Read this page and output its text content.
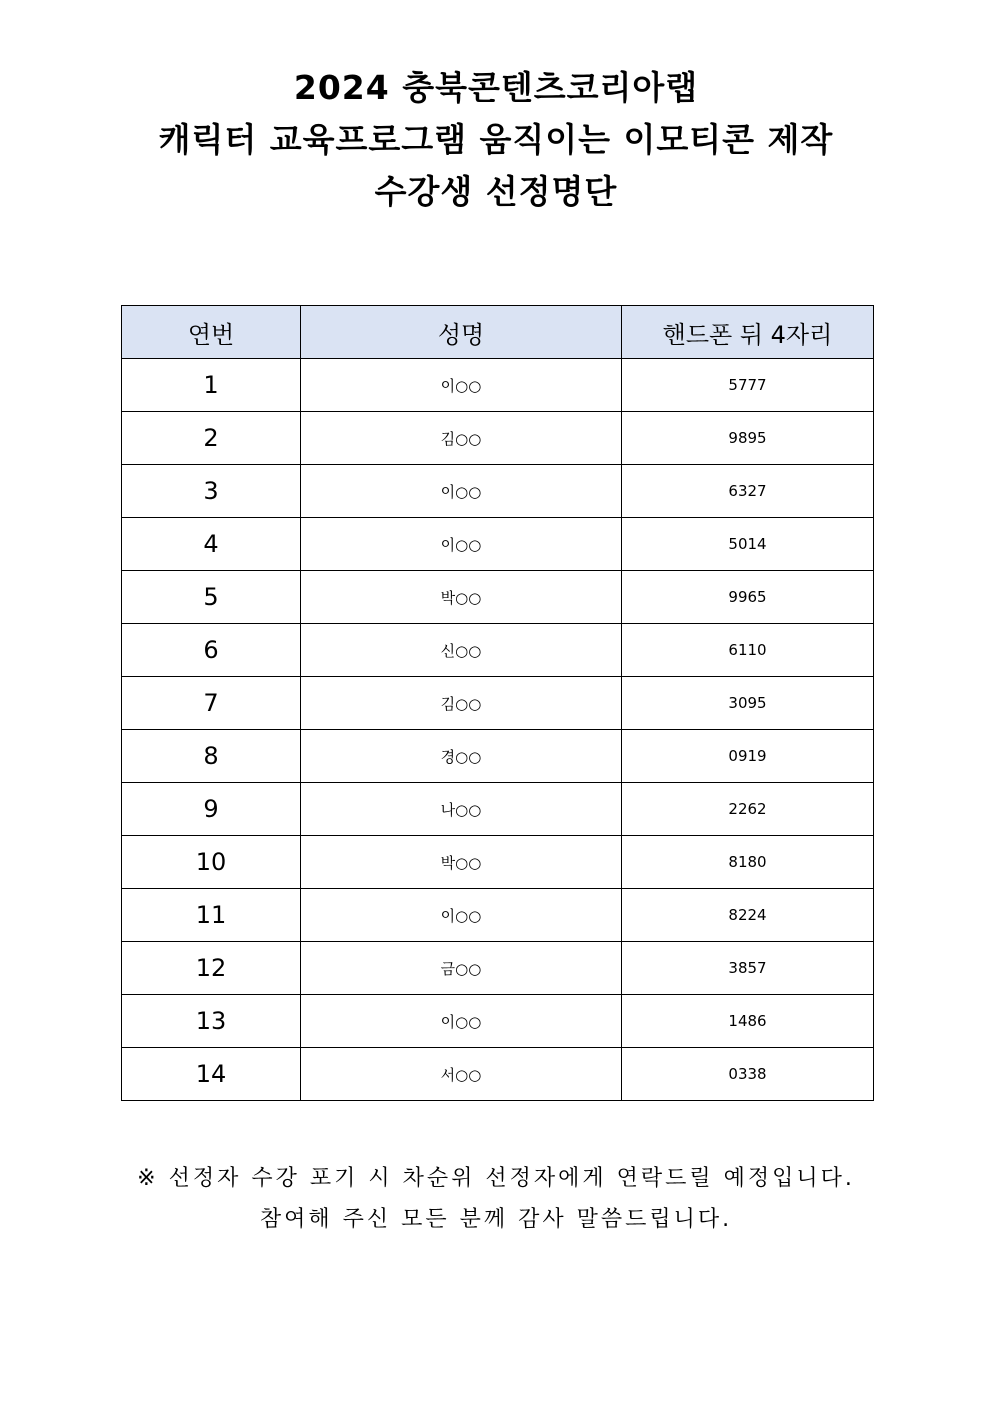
2024 충북콘텐츠코리아랩
캐릭터 교육프로그램 움직이는 이모티콘 제작
수강생 선정명단
연번	성명	핸드폰 뒤 4자리
1	이○○	5777
2	김○○	9895
3	이○○	6327
4	이○○	5014
5	박○○	9965
6	신○○	6110
7	김○○	3095
8	경○○	0919
9	나○○	2262
10	박○○	8180
11	이○○	8224
12	금○○	3857
13	이○○	1486
14	서○○	0338
※ 선정자 수강 포기 시 차순위 선정자에게 연락드릴 예정입니다.
참여해 주신 모든 분께 감사 말씀드립니다.
